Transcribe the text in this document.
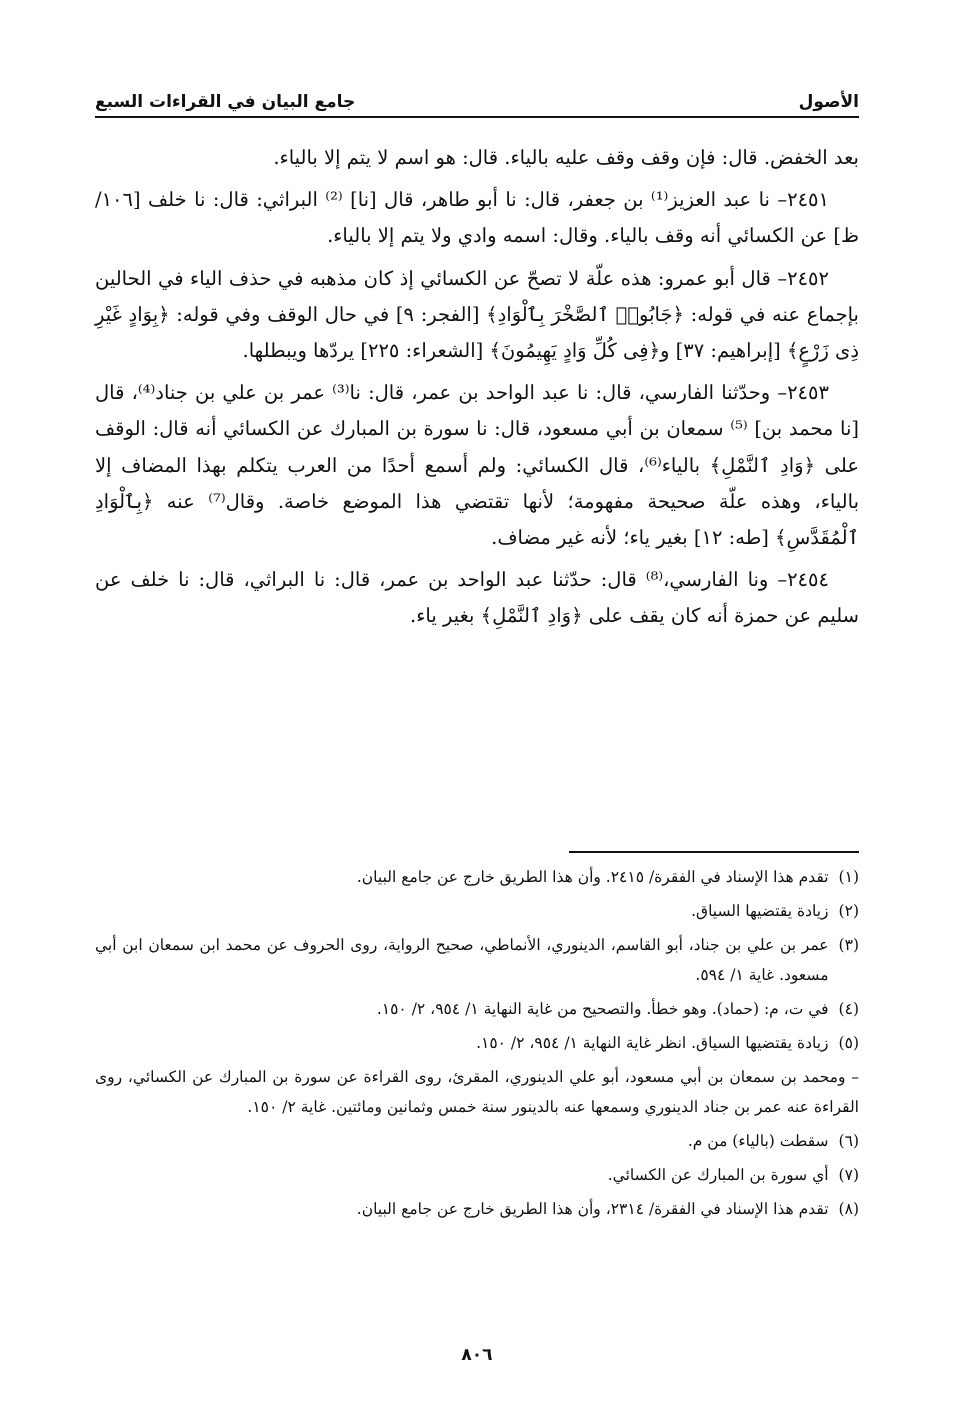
الأصول
جامع البيان في القراءات السبع

بعد الخفض. قال: فإن وقف وقف عليه بالياء. قال: هو اسم لا يتم إلا بالياء.

٢٤٥١– نا عبد العزيز⁽¹⁾ بن جعفر، قال: نا أبو طاهر، قال [نا] ⁽²⁾ البراثي: قال: نا خلف [١٠٦/ظ] عن الكسائي أنه وقف بالياء. وقال: اسمه وادي ولا يتم إلا بالياء.

٢٤٥٢– قال أبو عمرو: هذه علّة لا تصحّ عن الكسائي إذ كان مذهبه في حذف الياء في الحالين بإجماع عنه في قوله: ﴿جَابُوا۟ ٱلصَّخْرَ بِٱلْوَادِ﴾ [الفجر: ٩] في حال الوقف وفي قوله: ﴿بِوَادٍ غَيْرِ ذِى زَرْعٍ﴾ [إبراهيم: ٣٧] و﴿فِى كُلِّ وَادٍ يَهِيمُونَ﴾ [الشعراء: ٢٢٥] يردّها ويبطلها.

٢٤٥٣– وحدّثنا الفارسي، قال: نا عبد الواحد بن عمر، قال: نا⁽³⁾ عمر بن علي بن جناد⁽⁴⁾، قال [نا محمد بن] ⁽⁵⁾ سمعان بن أبي مسعود، قال: نا سورة بن المبارك عن الكسائي أنه قال: الوقف على ﴿وَادِ ٱلنَّمْلِ﴾ بالياء⁽⁶⁾، قال الكسائي: ولم أسمع أحدًا من العرب يتكلم بهذا المضاف إلا بالياء، وهذه علّة صحيحة مفهومة؛ لأنها تقتضي هذا الموضع خاصة. وقال⁽⁷⁾ عنه ﴿بِٱلْوَادِ ٱلْمُقَدَّسِ﴾ [طه: ١٢] بغير ياء؛ لأنه غير مضاف.

٢٤٥٤– ونا الفارسي،⁽⁸⁾ قال: حدّثنا عبد الواحد بن عمر، قال: نا البراثي، قال: نا خلف عن سليم عن حمزة أنه كان يقف على ﴿وَادِ ٱلنَّمْلِ﴾ بغير ياء.

(١)
تقدم هذا الإسناد في الفقرة/ ٢٤١٥. وأن هذا الطريق خارج عن جامع البيان.
(٢)
زيادة يقتضيها السياق.
(٣)
عمر بن علي بن جناد، أبو القاسم، الدينوري، الأنماطي، صحيح الرواية، روى الحروف عن محمد ابن سمعان ابن أبي مسعود. غاية ١/ ٥٩٤.
(٤)
في ت، م: (حماد). وهو خطأ. والتصحيح من غاية النهاية ١/ ٩٥٤، ٢/ ١٥٠.
(٥)
زيادة يقتضيها السياق. انظر غاية النهاية ١/ ٩٥٤، ٢/ ١٥٠.
– ومحمد بن سمعان بن أبي مسعود، أبو علي الدينوري، المقرئ، روى القراءة عن سورة بن المبارك عن الكسائي، روى القراءة عنه عمر بن جناد الدينوري وسمعها عنه بالدينور سنة خمس وثمانين ومائتين. غاية ٢/ ١٥٠.
(٦)
سقطت (بالياء) من م.
(٧)
أي سورة بن المبارك عن الكسائي.
(٨)
تقدم هذا الإسناد في الفقرة/ ٢٣١٤، وأن هذا الطريق خارج عن جامع البيان.
٨٠٦
